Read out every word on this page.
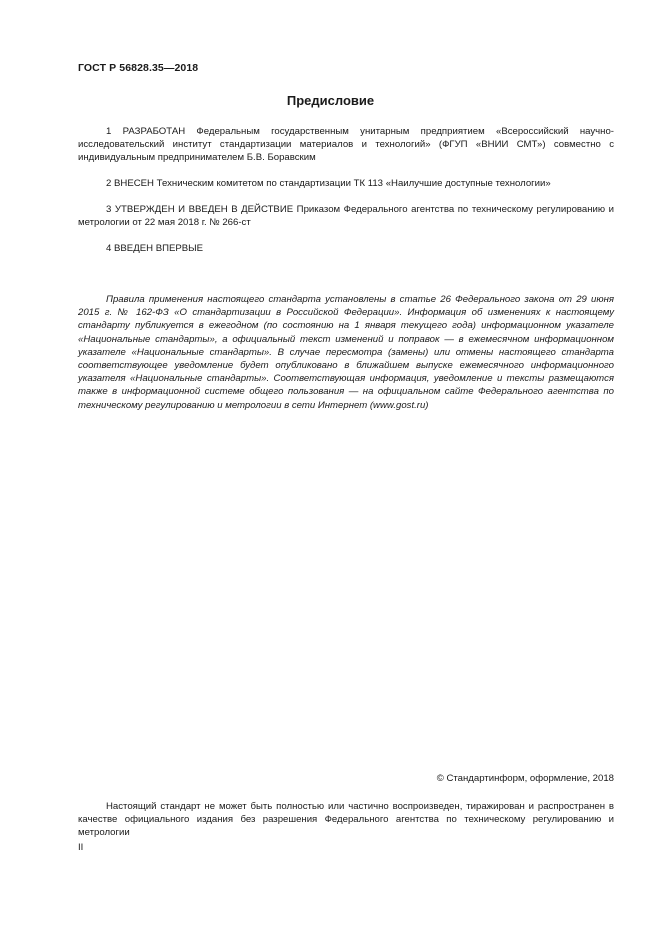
ГОСТ Р 56828.35—2018
Предисловие

1 РАЗРАБОТАН Федеральным государственным унитарным предприятием «Всероссийский научно-исследовательский институт стандартизации материалов и технологий» (ФГУП «ВНИИ СМТ») совместно с индивидуальным предпринимателем Б.В. Боравским

2 ВНЕСЕН Техническим комитетом по стандартизации ТК 113 «Наилучшие доступные технологии»

3 УТВЕРЖДЕН И ВВЕДЕН В ДЕЙСТВИЕ Приказом Федерального агентства по техническому регулированию и метрологии от 22 мая 2018 г. № 266-ст

4 ВВЕДЕН ВПЕРВЫЕ

Правила применения настоящего стандарта установлены в статье 26 Федерального закона от 29 июня 2015 г. № 162-ФЗ «О стандартизации в Российской Федерации». Информация об изменениях к настоящему стандарту публикуется в ежегодном (по состоянию на 1 января текущего года) информационном указателе «Национальные стандарты», а официальный текст изменений и поправок — в ежемесячном информационном указателе «Национальные стандарты». В случае пересмотра (замены) или отмены настоящего стандарта соответствующее уведомление будет опубликовано в ближайшем выпуске ежемесячного информационного указателя «Национальные стандарты». Соответствующая информация, уведомление и тексты размещаются также в информационной системе общего пользования — на официальном сайте Федерального агентства по техническому регулированию и метрологии в сети Интернет (www.gost.ru)

© Стандартинформ, оформление, 2018

Настоящий стандарт не может быть полностью или частично воспроизведен, тиражирован и распространен в качестве официального издания без разрешения Федерального агентства по техническому регулированию и метрологии

II
